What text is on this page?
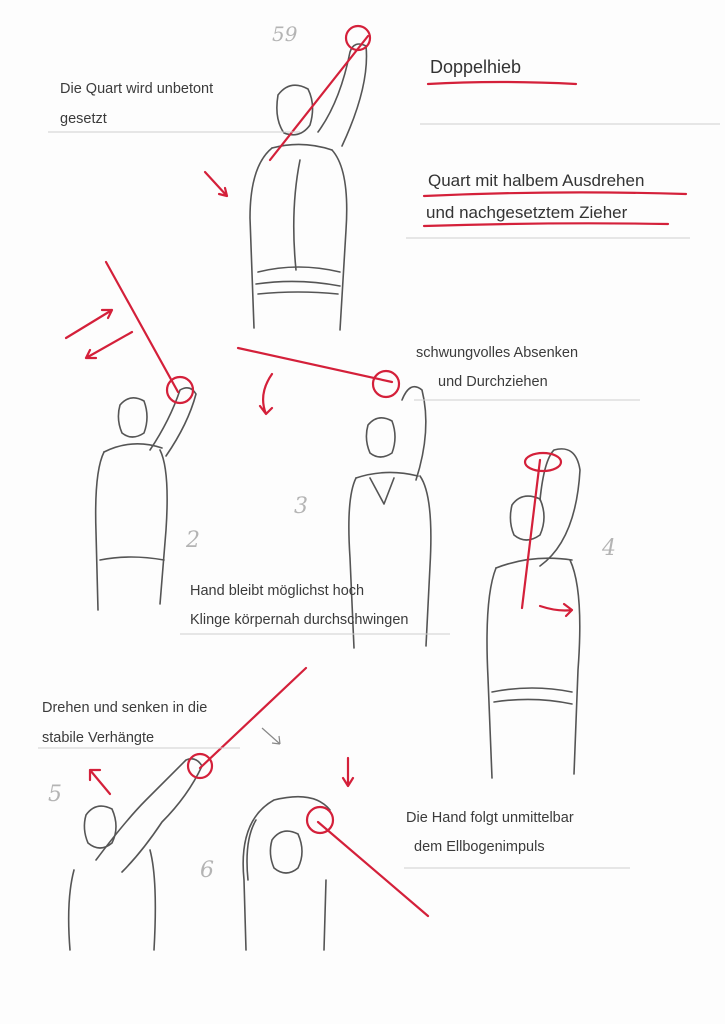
59
Doppelhieb
Quart mit halbem Ausdrehen
und nachgesetztem Zieher
Die Quart wird unbetont
gesetzt
schwungvolles Absenken
und Durchziehen
Hand bleibt möglichst hoch
Klinge körpernah durchschwingen
Drehen und senken in die
stabile Verhängte
Die Hand folgt unmittelbar
dem Ellbogenimpuls
2
3
4
5
6
